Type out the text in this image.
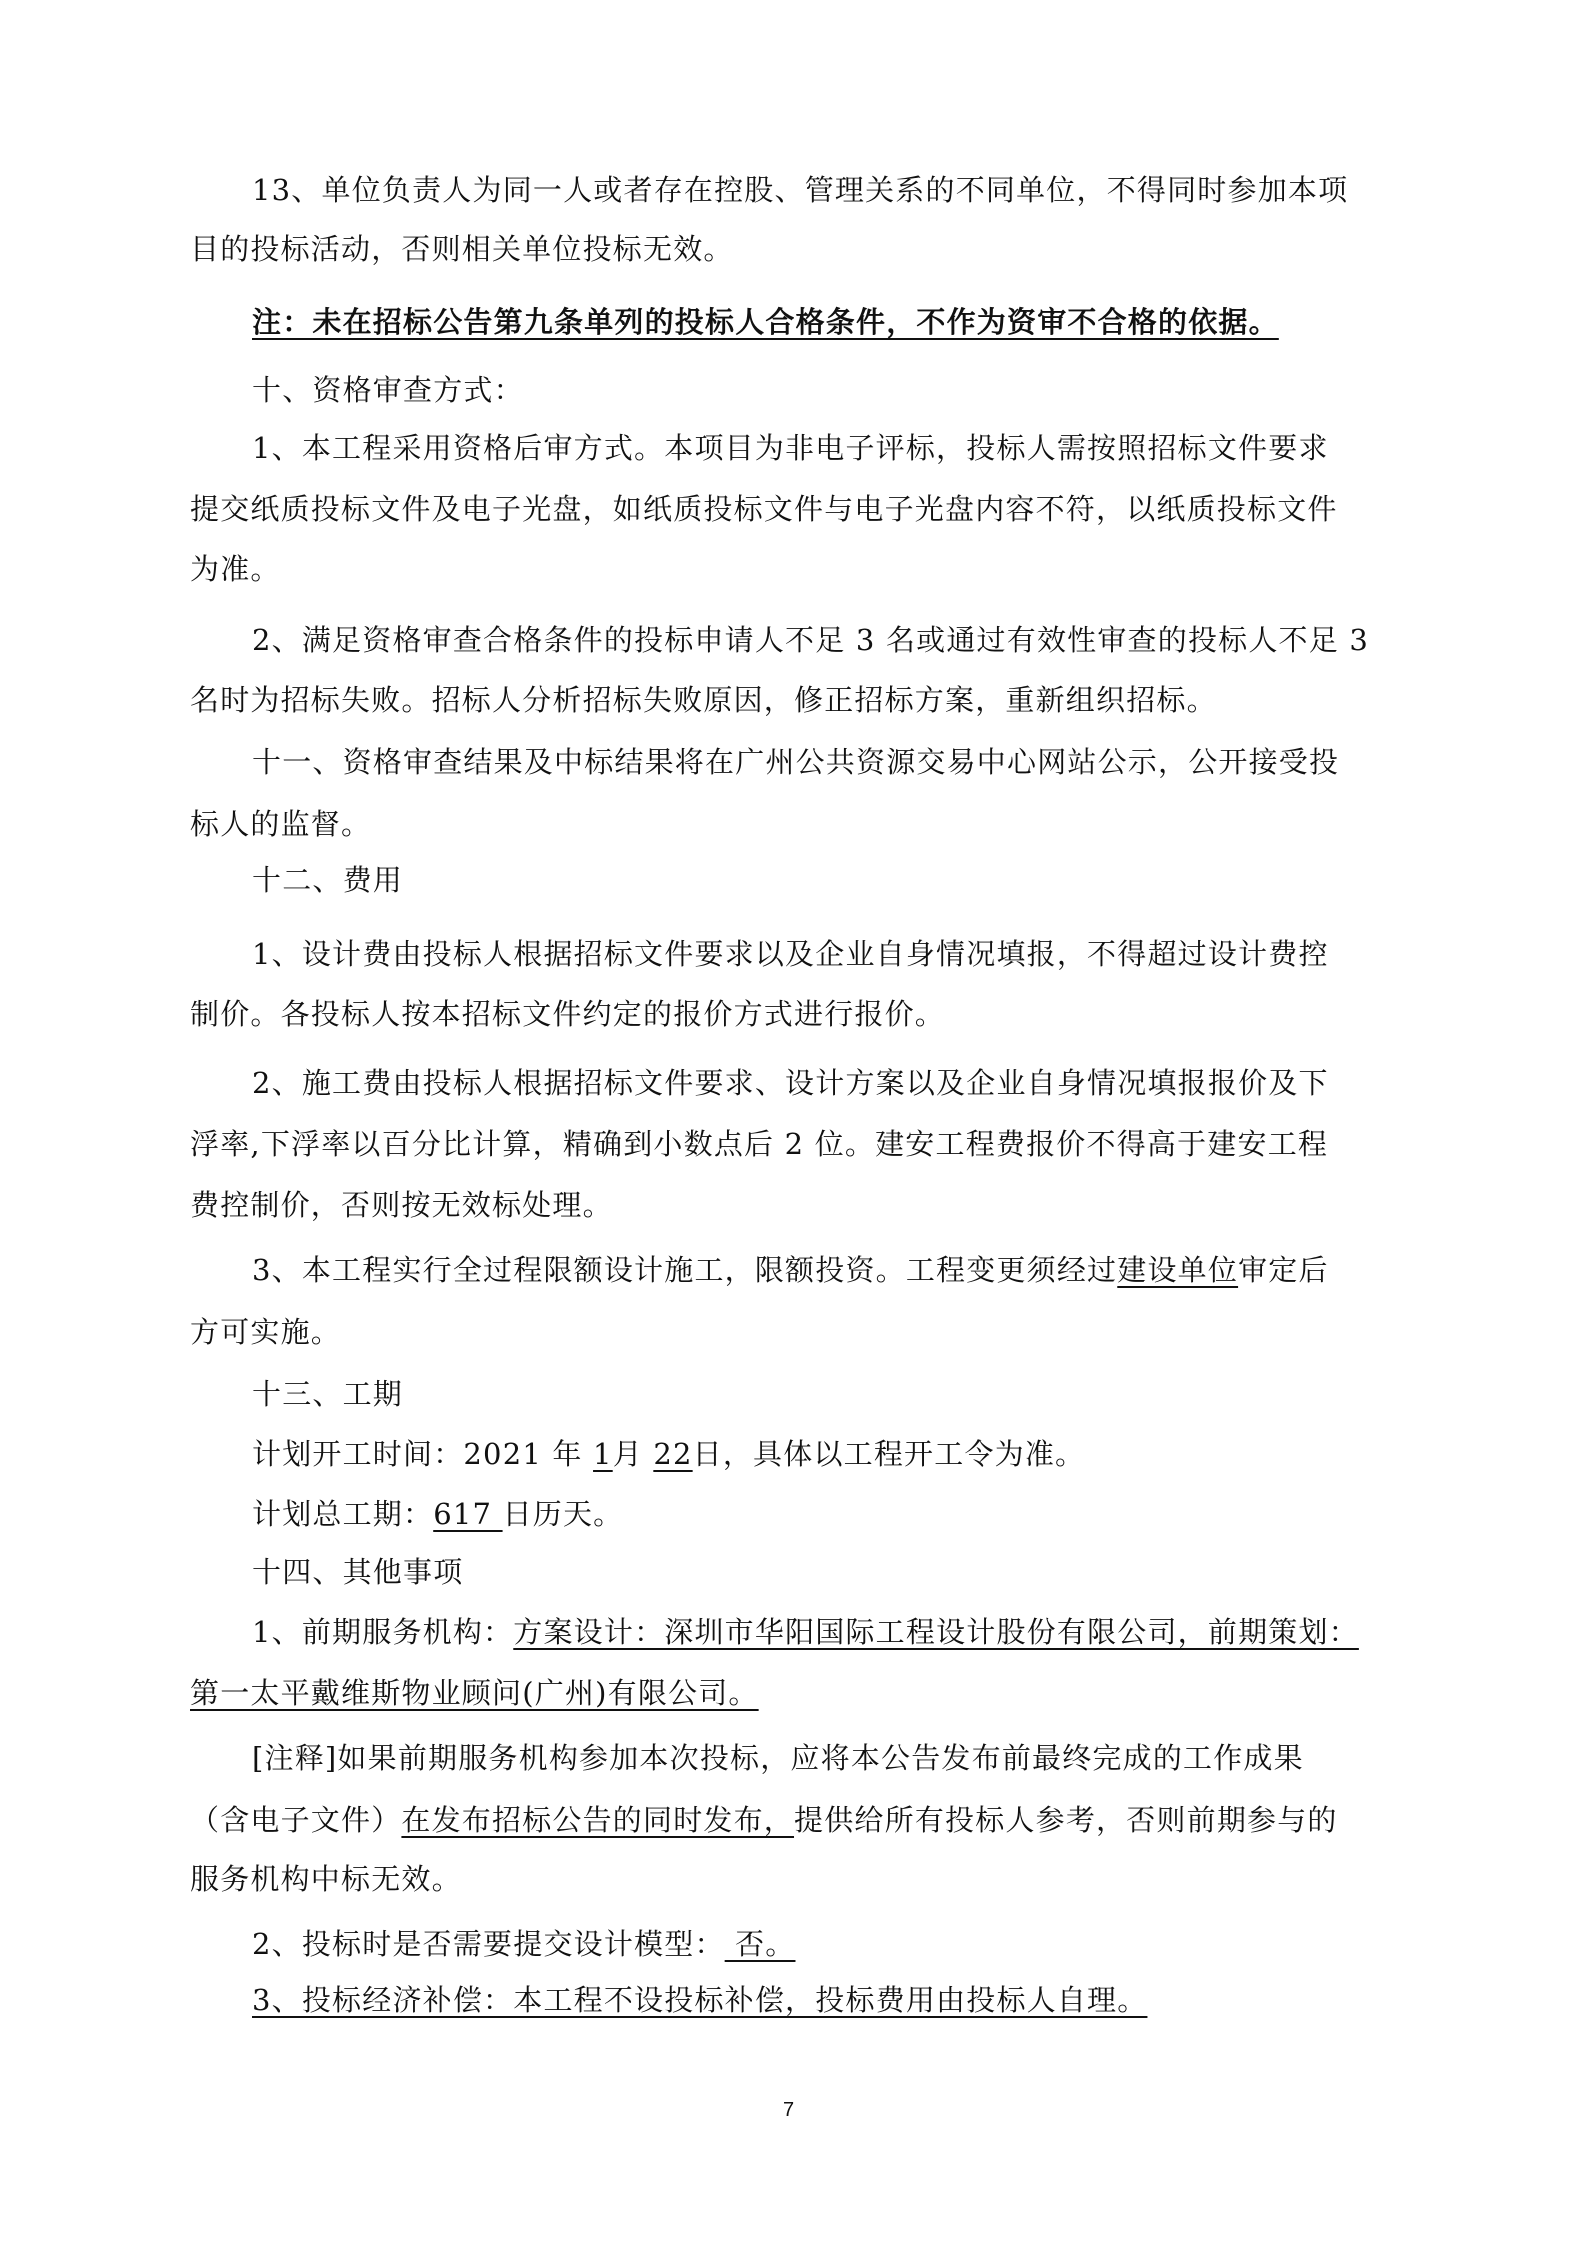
13、单位负责人为同一人或者存在控股、管理关系的不同单位，不得同时参加本项
目的投标活动，否则相关单位投标无效。
注：未在招标公告第九条单列的投标人合格条件，不作为资审不合格的依据。
十、资格审查方式：
1、本工程采用资格后审方式。本项目为非电子评标，投标人需按照招标文件要求
提交纸质投标文件及电子光盘，如纸质投标文件与电子光盘内容不符，以纸质投标文件
为准。
2、满足资格审查合格条件的投标申请人不足 3 名或通过有效性审查的投标人不足 3
名时为招标失败。招标人分析招标失败原因，修正招标方案，重新组织招标。
十一、资格审查结果及中标结果将在广州公共资源交易中心网站公示，公开接受投
标人的监督。
十二、费用
1、设计费由投标人根据招标文件要求以及企业自身情况填报，不得超过设计费控
制价。各投标人按本招标文件约定的报价方式进行报价。
2、施工费由投标人根据招标文件要求、设计方案以及企业自身情况填报报价及下
浮率,下浮率以百分比计算，精确到小数点后 2 位。建安工程费报价不得高于建安工程
费控制价，否则按无效标处理。
3、本工程实行全过程限额设计施工，限额投资。工程变更须经过建设单位审定后
方可实施。
十三、工期
计划开工时间：2021 年 1月 22日，具体以工程开工令为准。
计划总工期：617 日历天。
十四、其他事项
1、前期服务机构：方案设计：深圳市华阳国际工程设计股份有限公司，前期策划：
第一太平戴维斯物业顾问(广州)有限公司。
[注释]如果前期服务机构参加本次投标，应将本公告发布前最终完成的工作成果
（含电子文件）在发布招标公告的同时发布，提供给所有投标人参考，否则前期参与的
服务机构中标无效。
2、投标时是否需要提交设计模型： 否。
3、投标经济补偿：本工程不设投标补偿，投标费用由投标人自理。
7
